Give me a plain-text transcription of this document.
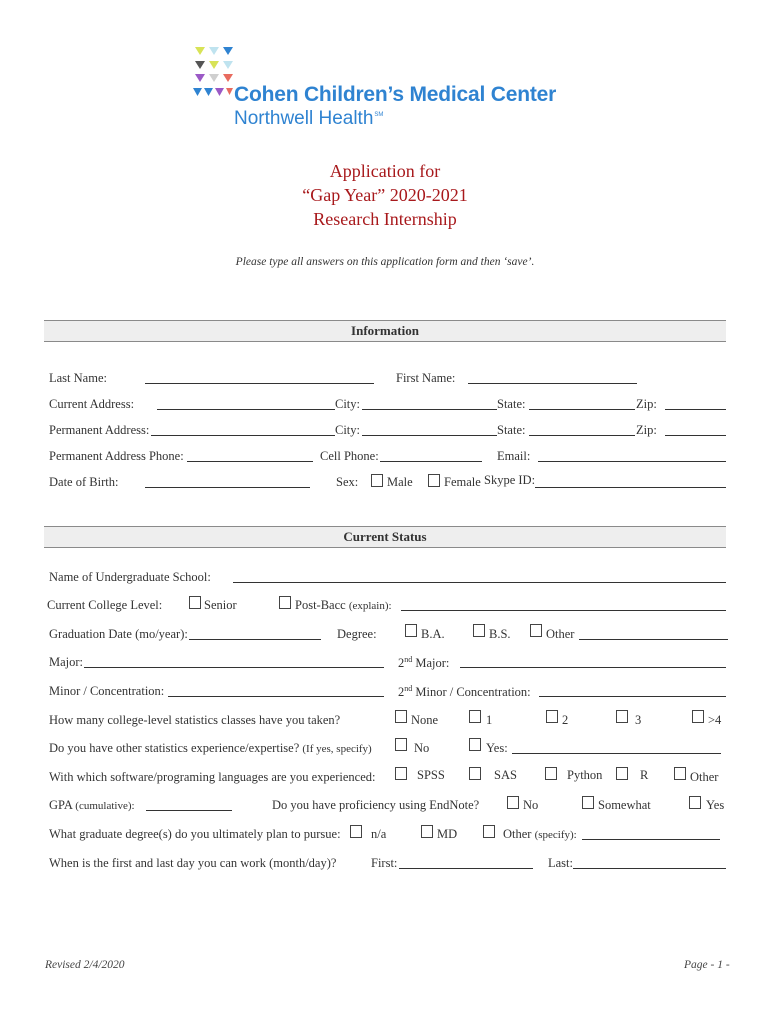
Cohen Children’s Medical Center
Northwell Health℠
Application for
“Gap Year” 2020-2021
Research Internship
Please type all answers on this application form and then ‘save’.
Information
Last Name:	First Name:
Current Address:	City:	State:	Zip:
Permanent Address:	City:	State:	Zip:
Permanent Address Phone:	Cell Phone:	Email:
Date of Birth:	Sex: Male	Female Skype ID:
Current Status
Name of Undergraduate School:
Current College Level:	Senior	Post-Bacc (explain):
Graduation Date (mo/year):	Degree:	B.A.	B.S.	Other
Major:	2nd Major:
Minor / Concentration:	2nd Minor / Concentration:
How many college-level statistics classes have you taken?	None	1	2	3	>4
Do you have other statistics experience/expertise? (If yes, specify)	No	Yes:
With which software/programing languages are you experienced:	SPSS	SAS	Python	R	Other
GPA (cumulative):	Do you have proficiency using EndNote?	No	Somewhat	Yes
What graduate degree(s) do you ultimately plan to pursue: n/a	MD	Other (specify):
When is the first and last day you can work (month/day)?	First:	Last:
Revised 2/4/2020	Page - 1 -
